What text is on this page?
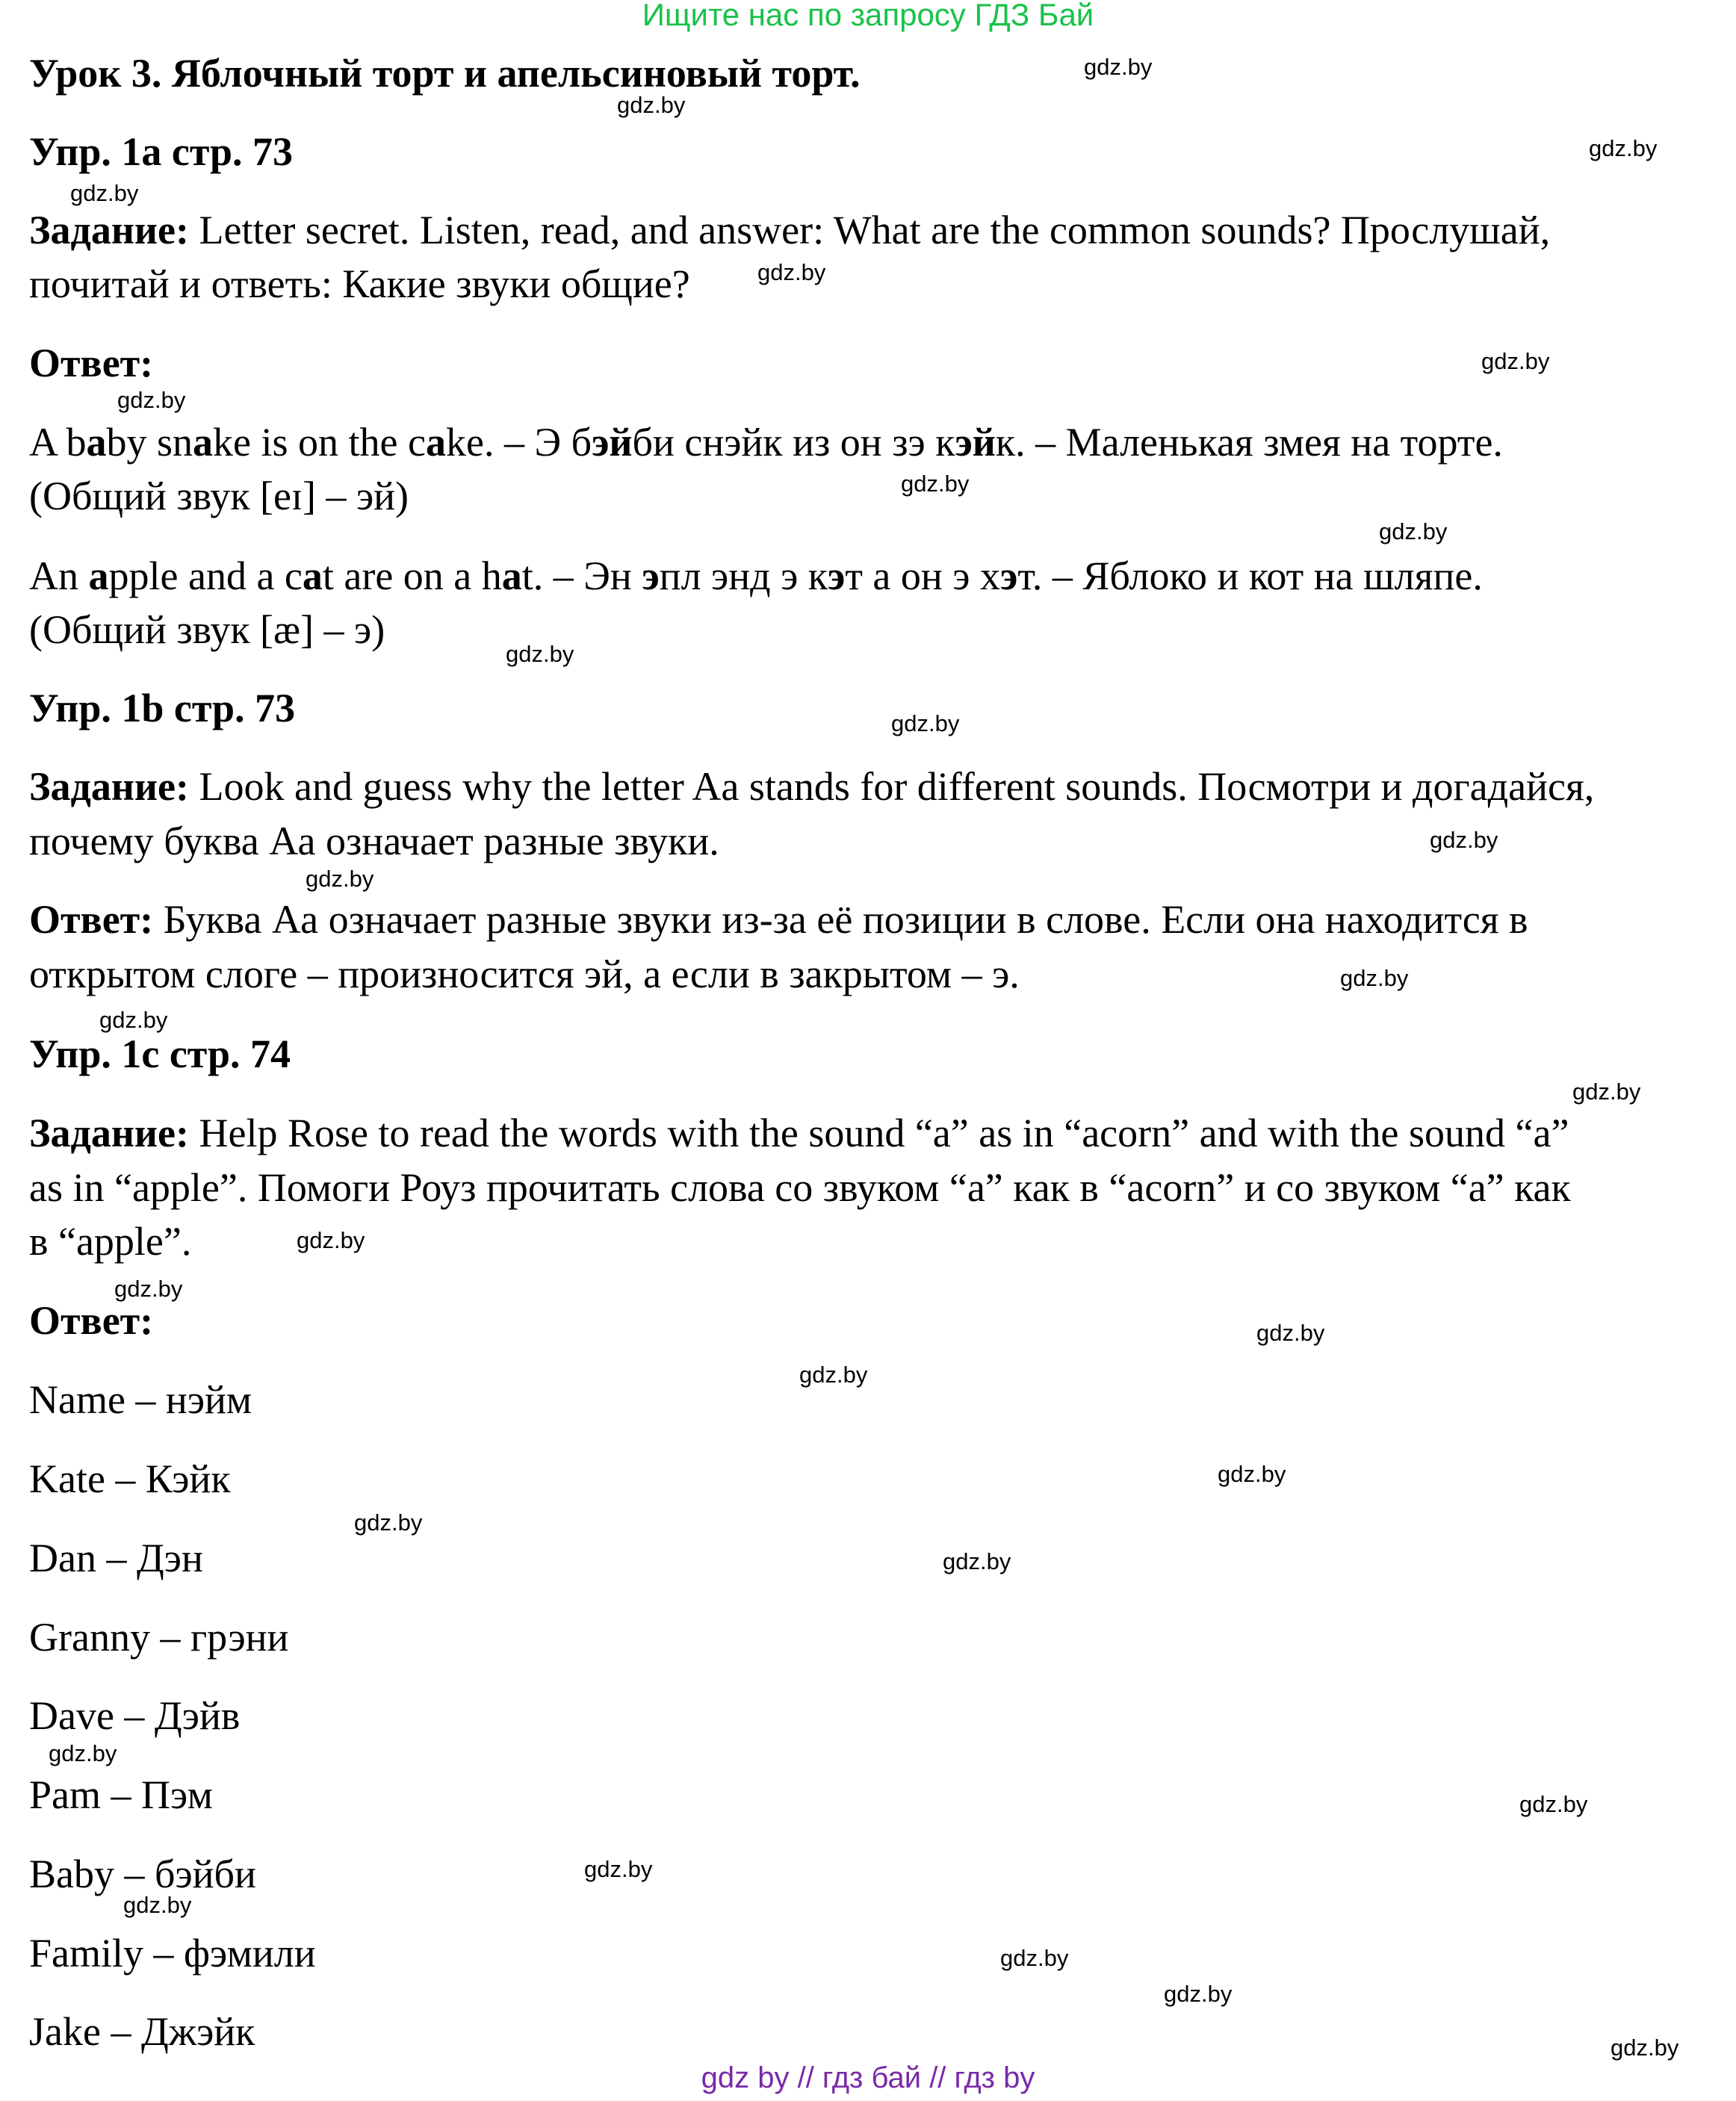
Ищите нас по запросу ГДЗ Бай
Урок 3. Яблочный торт и апельсиновый торт.
Упр. 1a стр. 73
Задание: Letter secret. Listen, read, and answer: What are the common sounds? Прослушай,
почитай и ответь: Какие звуки общие?
Ответ:
A baby snake is on the cake. – Э бэйби снэйк из он зэ кэйк. – Маленькая змея на торте.
(Общий звук [eɪ] – эй)
An apple and a cat are on a hat. – Эн эпл энд э кэт а он э хэт. – Яблоко и кот на шляпе.
(Общий звук [æ] – э)
Упр. 1b стр. 73
Задание: Look and guess why the letter Aa stands for different sounds. Посмотри и догадайся,
почему буква Аа означает разные звуки.
Ответ: Буква Аа означает разные звуки из-за её позиции в слове. Если она находится в
открытом слоге – произносится эй, а если в закрытом – э.
Упр. 1c стр. 74
Задание: Help Rose to read the words with the sound “a” as in “acorn” and with the sound “a”
as in “apple”. Помоги Роуз прочитать слова со звуком “а” как в “acorn” и со звуком “а” как
в “apple”.
Ответ:
Name – нэйм
Kate – Кэйк
Dan – Дэн
Granny – грэни
Dave – Дэйв
Pam – Пэм
Baby – бэйби
Family – фэмили
Jake – Джэйк
gdz.by
gdz.by
gdz.by
gdz.by
gdz.by
gdz.by
gdz.by
gdz.by
gdz.by
gdz.by
gdz.by
gdz.by
gdz.by
gdz.by
gdz.by
gdz.by
gdz.by
gdz.by
gdz.by
gdz.by
gdz.by
gdz.by
gdz.by
gdz.by
gdz.by
gdz.by
gdz.by
gdz.by
gdz.by
gdz.by
gdz by // гдз бай // гдз by
